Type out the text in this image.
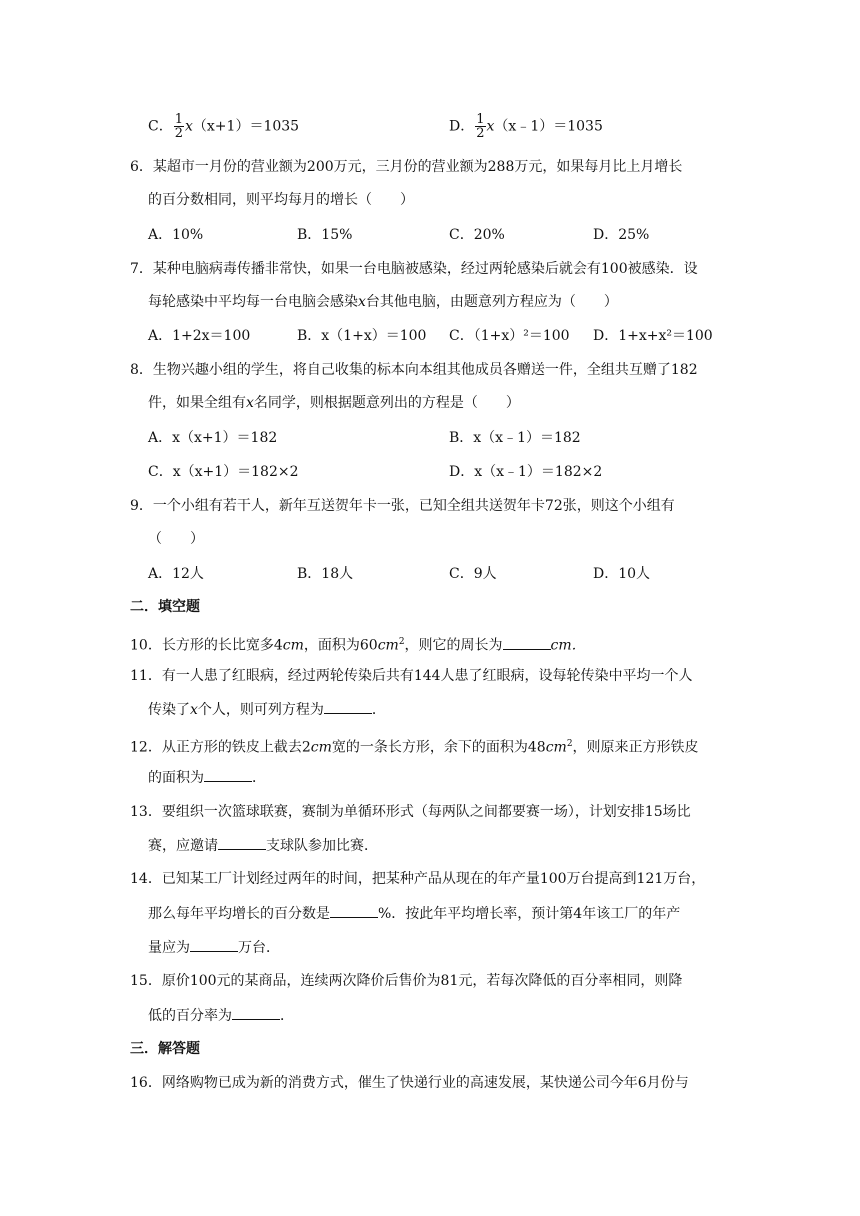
C． $\frac{1}{2} x(x+1)=1035$	D． $\frac{1}{2}$ x（x﹣1）＝1035
6．某超市一月份的营业额为200万元，三月份的营业额为288万元，如果每月比上月增长
的百分数相同，则平均每月的增长（　　）
A．10%	B．15%	C．20%	D．25%
7．某种电脑病毒传播非常快，如果一台电脑被感染，经过两轮感染后就会有100被感染．设
每轮感染中平均每一台电脑会感染x台其他电脑，由题意列方程应为（　　）
A．1+2x＝100	B．x（1+x）＝100 C．（1+x）²＝100 D．1+x+x²＝100
8．生物兴趣小组的学生，将自己收集的标本向本组其他成员各赠送一件，全组共互赠了182
件，如果全组有x名同学，则根据题意列出的方程是（　　）
A．x（x+1）＝182	B．x（x﹣1）＝182
C．x（x+1）＝182×2	D．x（x﹣1）＝182×2
9．一个小组有若干人，新年互送贺年卡一张，已知全组共送贺年卡72张，则这个小组有
（　　）
A．12人	B．18人	C．9人	D．10人
二．填空题
10．长方形的长比宽多4cm，面积为$60cm^2$，则它的周长为	cm．
11．有一人患了红眼病，经过两轮传染后共有144人患了红眼病，设每轮传染中平均一个人
传染了x个人，则可列方程为	．
12．从正方形的铁皮上截去2cm宽的一条长方形，余下的面积为$48cm^2$，则原来正方形铁皮
的面积为	．
13．要组织一次篮球联赛，赛制为单循环形式（每两队之间都要赛一场），计划安排15场比
赛，应邀请	支球队参加比赛．
14．已知某工厂计划经过两年的时间，把某种产品从现在的年产量100万台提高到121万台，
那么每年平均增长的百分数是	%．按此年平均增长率，预计第4年该工厂的年产
量应为	万台．
15．原价100元的某商品，连续两次降价后售价为81元，若每次降低的百分率相同，则降
低的百分率为	．
三．解答题
16．网络购物已成为新的消费方式，催生了快递行业的高速发展，某快递公司今年6月份与
